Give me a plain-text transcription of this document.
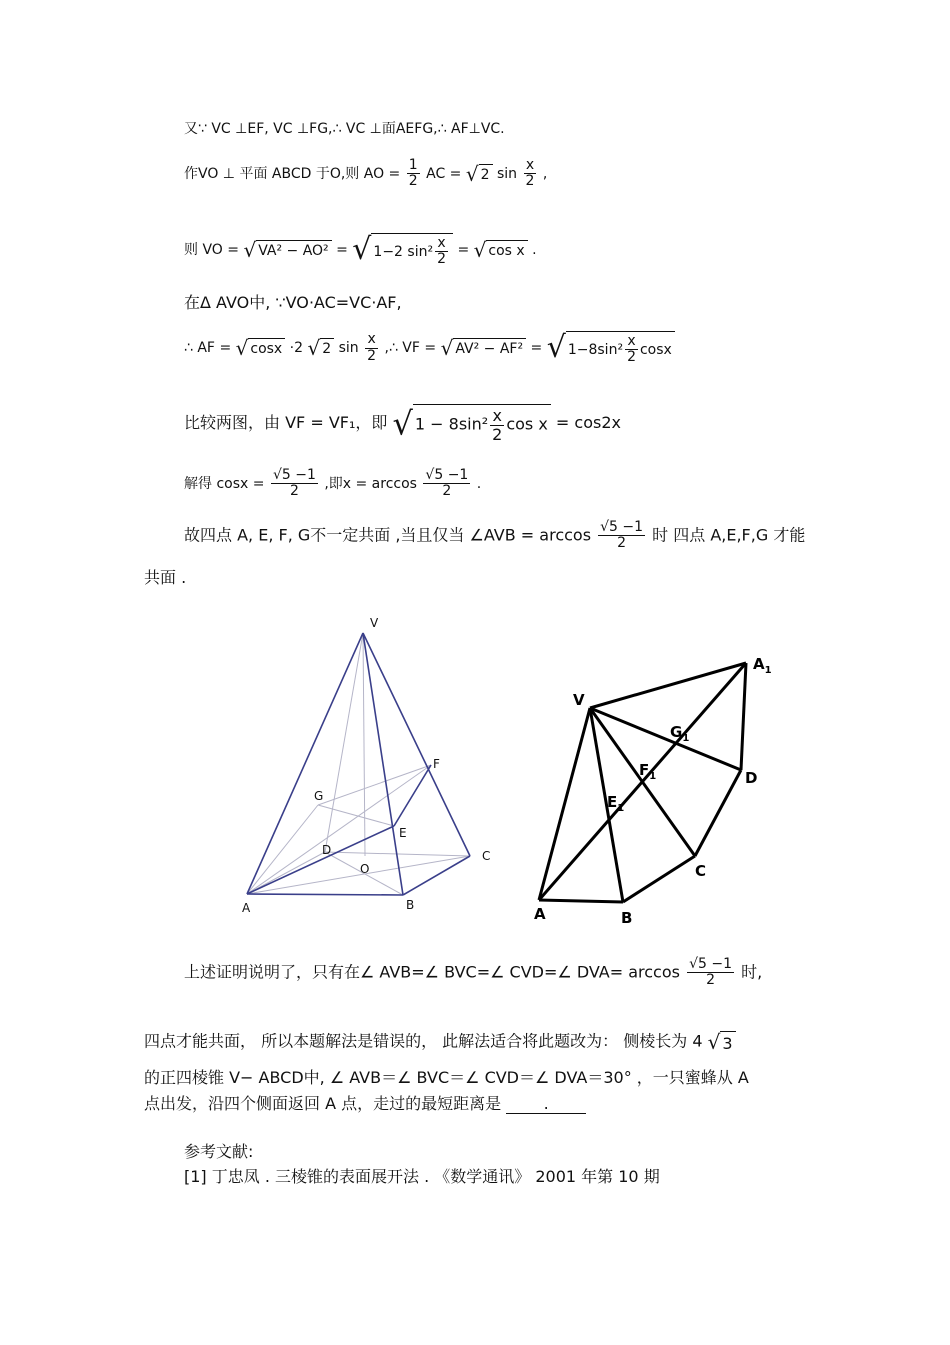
又∵ VC ⊥EF, VC ⊥FG,∴ VC ⊥面AEFG,∴ AF⊥VC.
作VO ⊥ 平面 ABCD 于O,则 AO = $\frac{1}{2}$ AC = √ 2 $\sin \frac{x}{2}$ ,
则 VO = √ VA² − AO² = √ 1−2 $\sin^2 \frac{x}{2}$ = √ cos x .
在Δ AVO中, ∵VO⋅AC=VC⋅AF,
∴ AF = √ cosx ⋅2 √ 2 $\sin \frac{x}{2}$ ,∴ VF = √ AV² − AF² = √ $1-8\sin^2 \frac{x}{2}$ cosx
比较两图，由 VF = VF₁，即 √ $1 - 8\sin^2 \frac{x}{2}$ cos x = cos2x
解得 $\cos x = \frac{√5 -1}{2}$ ,即$x = \arccos \frac{√5 -1}{2}$ .
故四点 A, E, F, G不一定共面 ,当且仅当 ∠AVB = $\arccos \frac{√5 -1}{2}$ 时 四点 A,E,F,G 才能
共面 .
V
A	B
C
D
E
F
G
O
V
A	B
C
D
$A_1$
$E_1$
$F_1$
$G_1$
上述证明说明了，只有在∠ AVB=∠ BVC=∠ CVD=∠ $DVA= \arccos \frac{√5 -1}{2}$ 时,
四点才能共面， 所以本题解法是错误的， 此解法适合将此题改为： 侧棱长为 4 √ 3
的正四棱锥 V− ABCD中, ∠ AVB＝∠ BVC＝∠ CVD＝∠ DVA＝30° ，一只蜜蜂从 A
点出发，沿四个侧面返回 A 点，走过的最短距离是	.
参考文献:
[1] 丁忠凤 . 三棱锥的表面展开法 . 《数学通讯》 2001 年第 10 期
